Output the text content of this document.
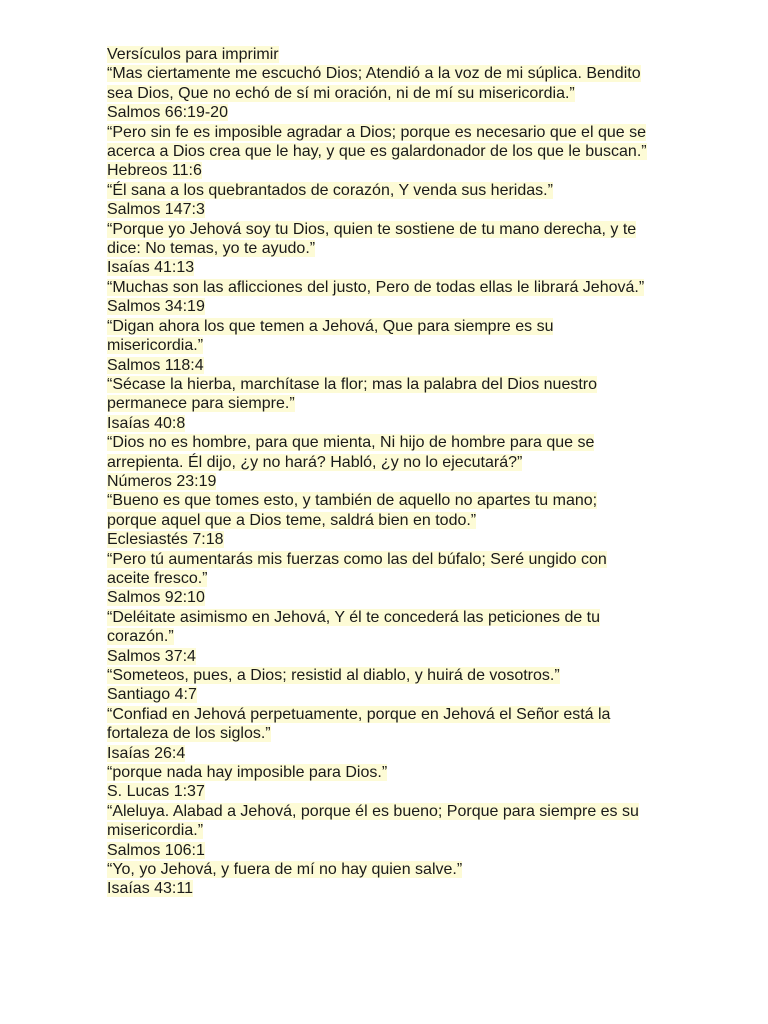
Versículos para imprimir
“Mas ciertamente me escuchó Dios; Atendió a la voz de mi súplica. Bendito
sea Dios, Que no echó de sí mi oración, ni de mí su misericordia.”
Salmos 66:19-20
“Pero sin fe es imposible agradar a Dios; porque es necesario que el que se
acerca a Dios crea que le hay, y que es galardonador de los que le buscan.”
Hebreos 11:6
“Él sana a los quebrantados de corazón, Y venda sus heridas.”
Salmos 147:3
“Porque yo Jehová soy tu Dios, quien te sostiene de tu mano derecha, y te
dice: No temas, yo te ayudo.”
Isaías 41:13
“Muchas son las aflicciones del justo, Pero de todas ellas le librará Jehová.”
Salmos 34:19
“Digan ahora los que temen a Jehová, Que para siempre es su
misericordia.”
Salmos 118:4
“Sécase la hierba, marchítase la flor; mas la palabra del Dios nuestro
permanece para siempre.”
Isaías 40:8
“Dios no es hombre, para que mienta, Ni hijo de hombre para que se
arrepienta. Él dijo, ¿y no hará? Habló, ¿y no lo ejecutará?”
Números 23:19
“Bueno es que tomes esto, y también de aquello no apartes tu mano;
porque aquel que a Dios teme, saldrá bien en todo.”
Eclesiastés 7:18
“Pero tú aumentarás mis fuerzas como las del búfalo; Seré ungido con
aceite fresco.”
Salmos 92:10
“Deléitate asimismo en Jehová, Y él te concederá las peticiones de tu
corazón.”
Salmos 37:4
“Someteos, pues, a Dios; resistid al diablo, y huirá de vosotros.”
Santiago 4:7
“Confiad en Jehová perpetuamente, porque en Jehová el Señor está la
fortaleza de los siglos.”
Isaías 26:4
“porque nada hay imposible para Dios.”
S. Lucas 1:37
“Aleluya. Alabad a Jehová, porque él es bueno; Porque para siempre es su
misericordia.”
Salmos 106:1
“Yo, yo Jehová, y fuera de mí no hay quien salve.”
Isaías 43:11
